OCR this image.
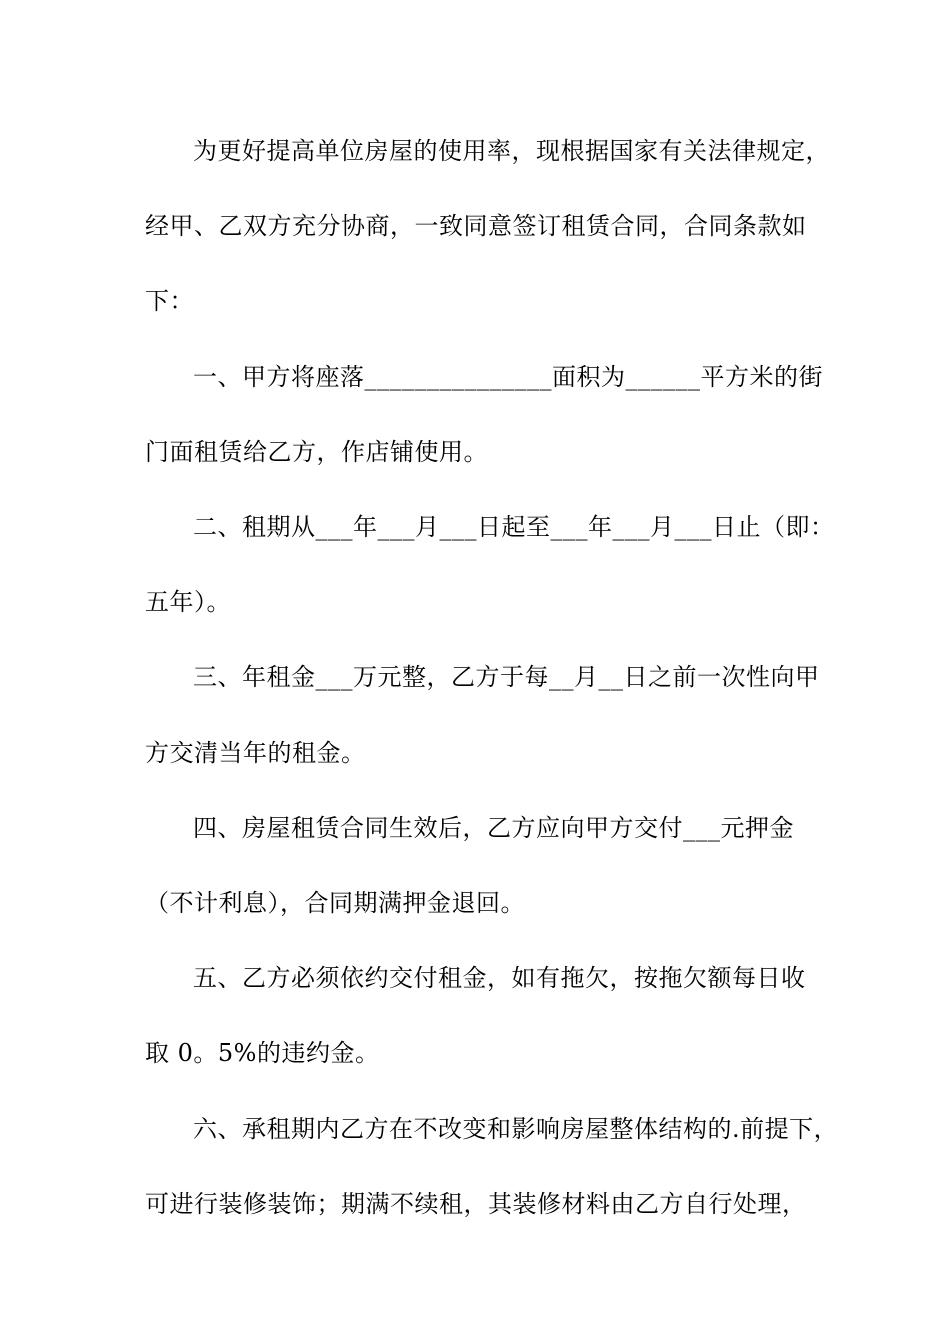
为更好提高单位房屋的使用率，现根据国家有关法律规定，
经甲、乙双方充分协商，一致同意签订租赁合同，合同条款如
下：
一、甲方将座落_______________面积为______平方米的街
门面租赁给乙方，作店铺使用。
二、租期从___年___月___日起至___年___月___日止（即：
五年）。
三、年租金___万元整，乙方于每__月__日之前一次性向甲
方交清当年的租金。
四、房屋租赁合同生效后，乙方应向甲方交付___元押金
（不计利息），合同期满押金退回。
五、乙方必须依约交付租金，如有拖欠，按拖欠额每日收
取 0。5%的违约金。
六、承租期内乙方在不改变和影响房屋整体结构的.前提下，
可进行装修装饰；期满不续租，其装修材料由乙方自行处理，
